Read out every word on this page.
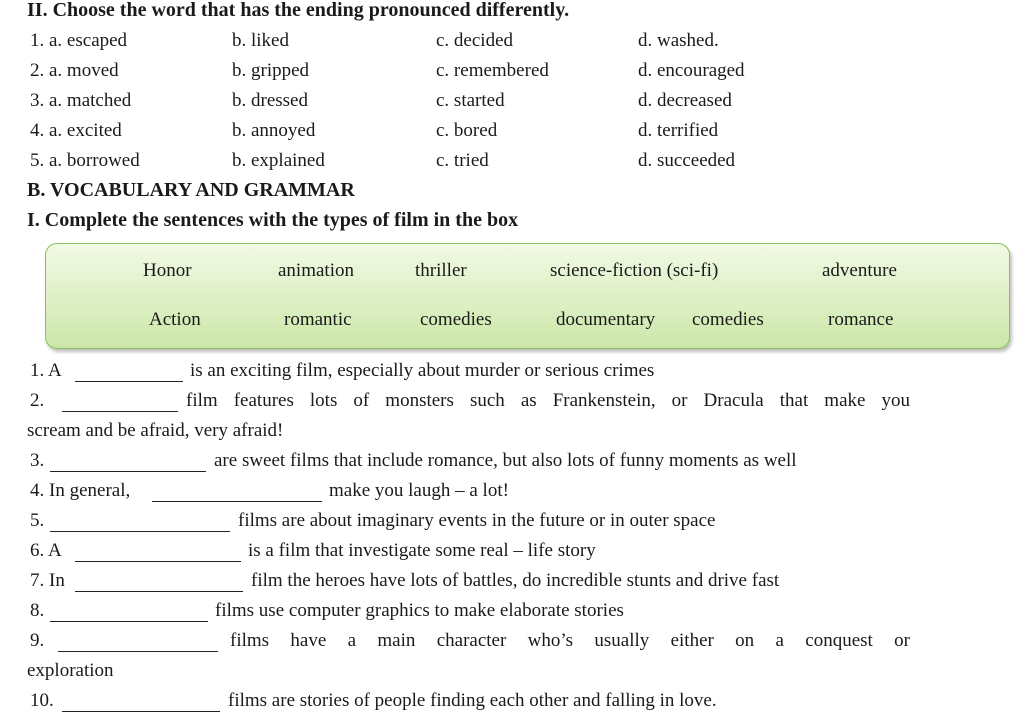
II. Choose the word that has the ending pronounced differently.
1. a. escaped	b. liked	c. decided	d. washed.
2. a. moved	b. gripped	c. remembered	d. encouraged
3. a. matched	b. dressed	c. started	d. decreased
4. a. excited	b. annoyed	c. bored	d. terrified
5. a. borrowed	b. explained	c. tried	d. succeeded
B. VOCABULARY AND GRAMMAR
I. Complete the sentences with the types of film in the box
Honor	animation	thriller	science-fiction (sci-fi)	adventure
Action	romantic	comedies	documentary comedies	romance
1. A	is an exciting film, especially about murder or serious crimes
2.	film features lots of monsters such as Frankenstein, or Dracula that make you
scream and be afraid, very afraid!
3.	are sweet films that include romance, but also lots of funny moments as well
4. In general,	make you laugh – a lot!
5.	films are about imaginary events in the future or in outer space
6. A	is a film that investigate some real – life story
7. In	film the heroes have lots of battles, do incredible stunts and drive fast
8.	films use computer graphics to make elaborate stories
9.	films have a main character who’s usually either on a conquest or
exploration
10.	films are stories of people finding each other and falling in love.
